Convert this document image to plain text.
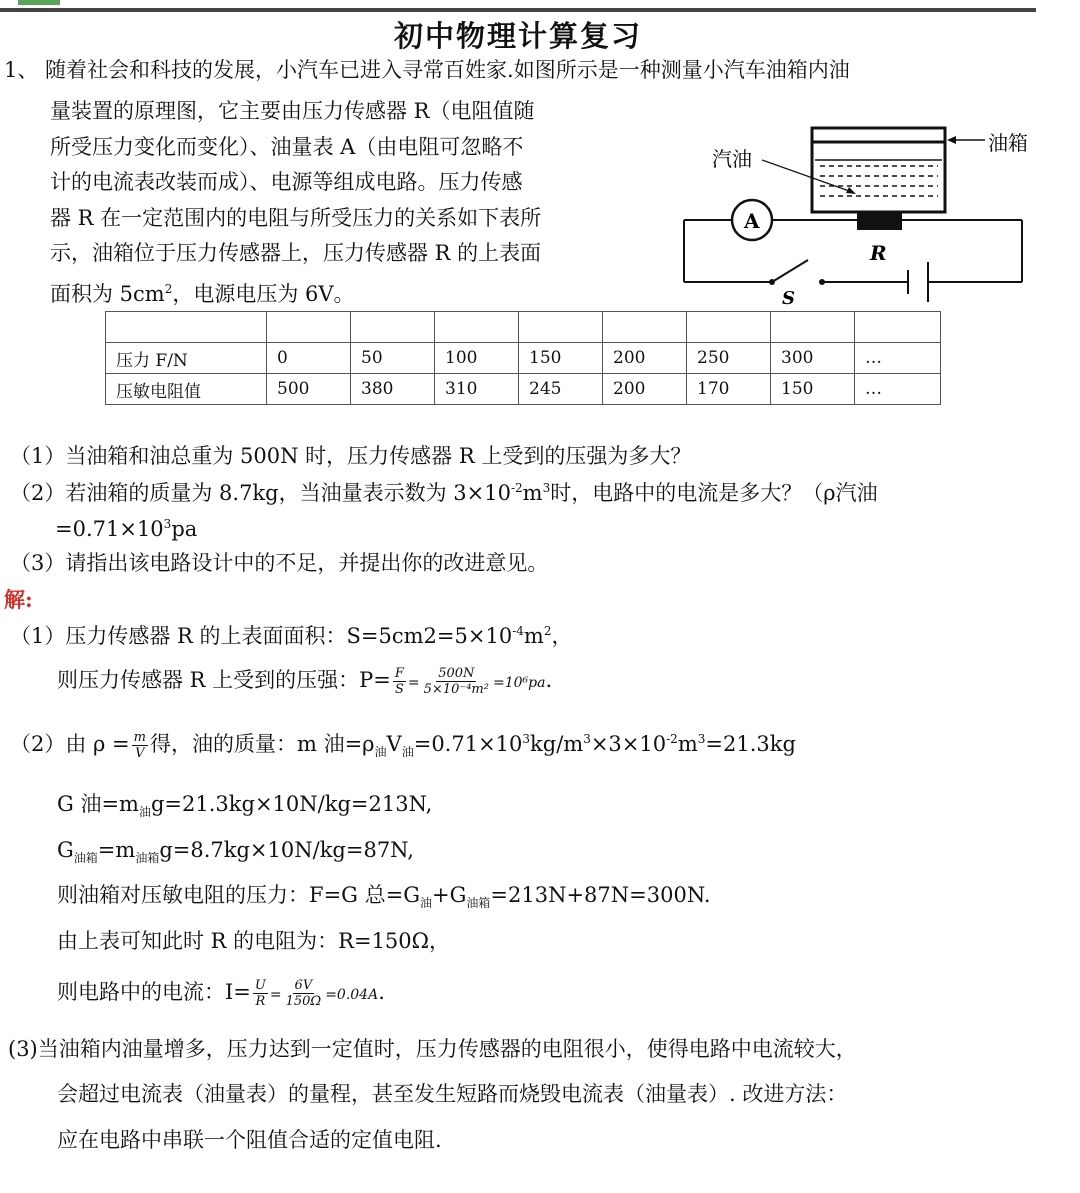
初中物理计算复习
1、 随着社会和科技的发展，小汽车已进入寻常百姓家.如图所示是一种测量小汽车油箱内油
量装置的原理图，它主要由压力传感器 R（电阻值随
所受压力变化而变化）、油量表 A（由电阻可忽略不
计的电流表改装而成）、电源等组成电路。压力传感
器 R 在一定范围内的电阻与所受压力的关系如下表所
示，油箱位于压力传感器上，压力传感器 R 的上表面
面积为 $5cm^2$，电源电压为 6V。
油箱
汽油
R
S
A

压力 F/N	0	50	100	150	200	250	300	…
压敏电阻值	500	380	310	245	200	170	150	…
（1）当油箱和油总重为 500N 时，压力传感器 R 上受到的压强为多大？
（2）若油箱的质量为 8.7kg，当油量表示数为 $3\times 10^{-2}m^3$时，电路中的电流是多大？（ρ汽油
$=0.71\times 10^3pa$
（3）请指出该电路设计中的不足，并提出你的改进意见。
解:
（1）压力传感器 R 的上表面面积：$S=5cm2=5\times 10^{-4}m^2$，
则压力传感器 R 上受到的压强：$P= \frac{F}{S} = \frac{500N}{\text{5×10⁻⁴m²}} =10^6pa$.
（2）由 $\rho = \frac{m}{V}$ 得，油的质量：m 油$=\rho_油V_油=0.71\times 10^3kg/m^3\times 3\times 10^{-2}m^3=21.3kg$
G 油$=m_油g=21.3kg\times 10N/kg=213N$,
$G_{油箱}=m_{油箱}g=8.7kg\times 10N/kg=87N$,
则油箱对压敏电阻的压力：F=G 总$=G_油+G_{油箱}=213N+87N=300N$.
由上表可知此时 R 的电阻为：R=150Ω，
则电路中的电流：$I= \frac{U}{R} = \frac{6V}{150\Omega} =0.04A$.
(3)当油箱内油量增多，压力达到一定值时，压力传感器的电阻很小，使得电路中电流较大，
会超过电流表（油量表）的量程，甚至发生短路而烧毁电流表（油量表）. 改进方法：
应在电路中串联一个阻值合适的定值电阻.
